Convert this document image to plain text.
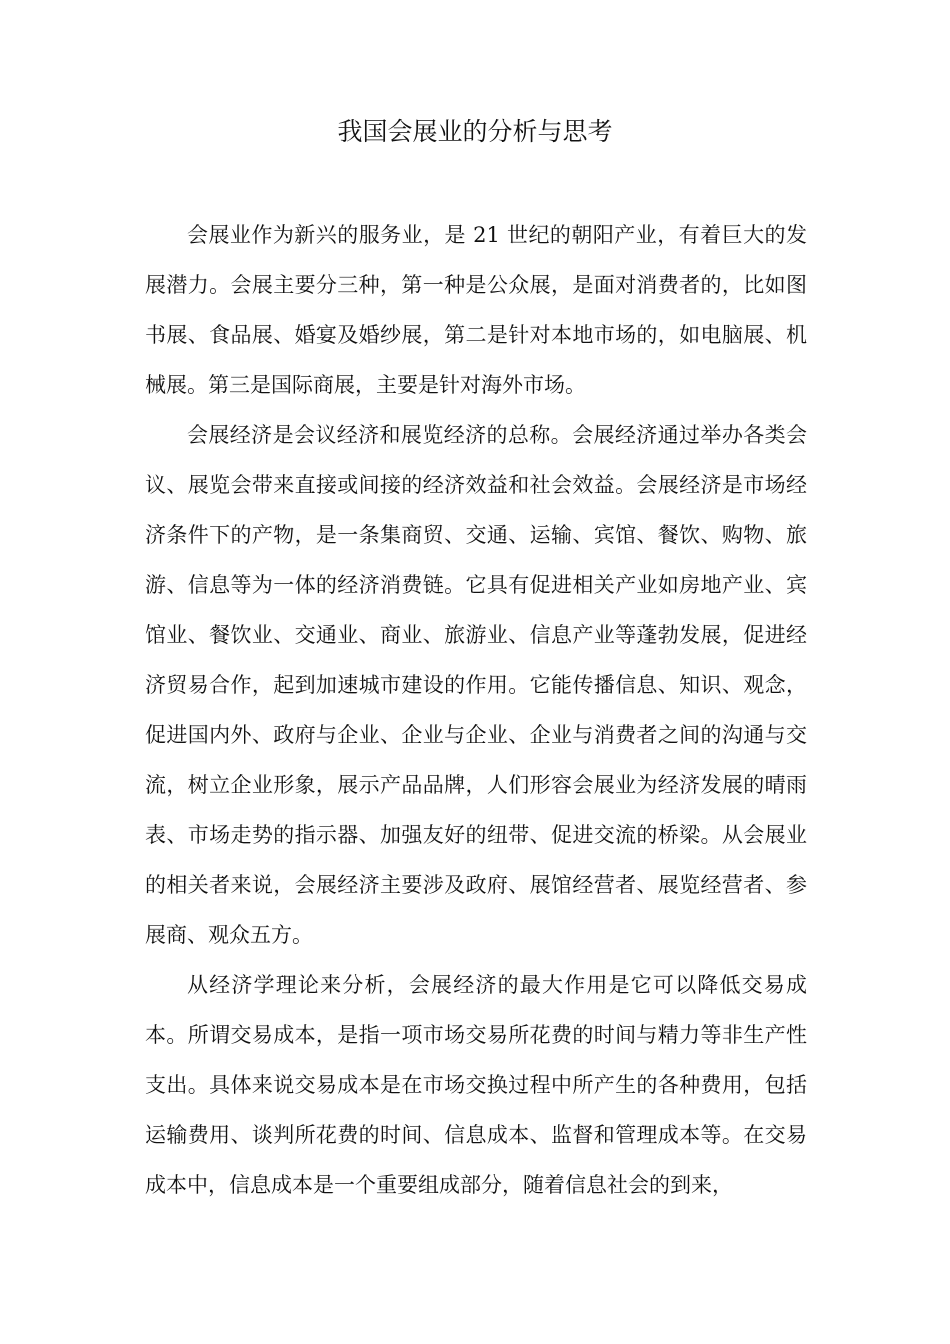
我国会展业的分析与思考

会展业作为新兴的服务业，是 21 世纪的朝阳产业，有着巨大的发展潜力。会展主要分三种，第一种是公众展，是面对消费者的，比如图书展、食品展、婚宴及婚纱展，第二是针对本地市场的，如电脑展、机械展。第三是国际商展，主要是针对海外市场。

会展经济是会议经济和展览经济的总称。会展经济通过举办各类会议、展览会带来直接或间接的经济效益和社会效益。会展经济是市场经济条件下的产物，是一条集商贸、交通、运输、宾馆、餐饮、购物、旅游、信息等为一体的经济消费链。它具有促进相关产业如房地产业、宾馆业、餐饮业、交通业、商业、旅游业、信息产业等蓬勃发展，促进经济贸易合作，起到加速城市建设的作用。它能传播信息、知识、观念，促进国内外、政府与企业、企业与企业、企业与消费者之间的沟通与交流，树立企业形象，展示产品品牌，人们形容会展业为经济发展的晴雨表、市场走势的指示器、加强友好的纽带、促进交流的桥梁。从会展业的相关者来说，会展经济主要涉及政府、展馆经营者、展览经营者、参展商、观众五方。

从经济学理论来分析，会展经济的最大作用是它可以降低交易成本。所谓交易成本，是指一项市场交易所花费的时间与精力等非生产性支出。具体来说交易成本是在市场交换过程中所产生的各种费用，包括运输费用、谈判所花费的时间、信息成本、监督和管理成本等。在交易成本中，信息成本是一个重要组成部分，随着信息社会的到来，
